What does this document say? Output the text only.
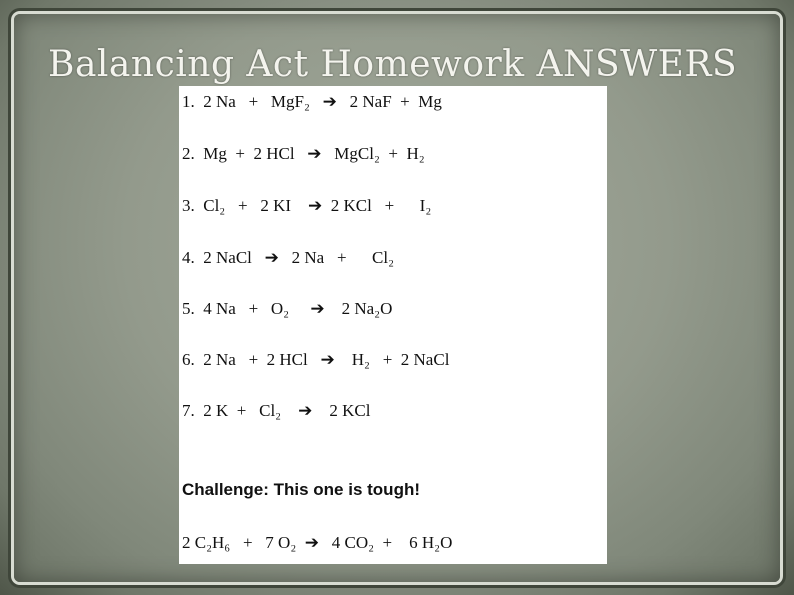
Balancing Act Homework ANSWERS
1.  2 Na   +   MgF₂   ➔   2 NaF  +  Mg
2.  Mg  +  2 HCl   ➔   MgCl₂  +  H₂
3.  Cl₂   +   2 KI    ➔  2 KCl   +      I₂
4.  2 NaCl   ➔   2 Na   +      Cl₂
5.  4 Na   +   O₂     ➔    2 Na₂O
6.  2 Na   +  2 HCl   ➔    H₂   +  2 NaCl
7.  2 K  +   Cl₂    ➔    2 KCl
Challenge: This one is tough!
2 C₂H₆   +   7 O₂  ➔   4 CO₂  +    6 H₂O
